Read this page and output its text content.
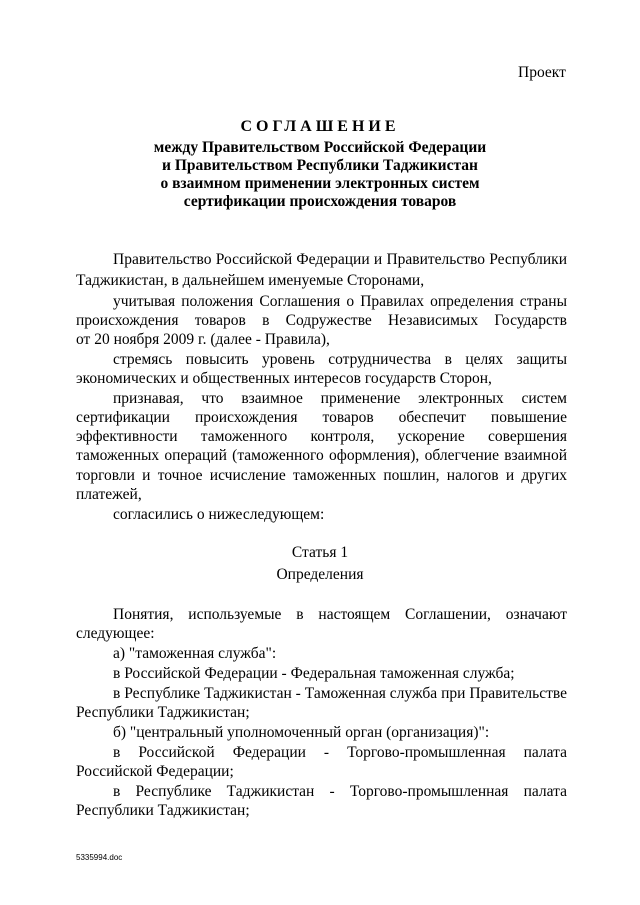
Проект
СОГЛАШЕНИЕ
между Правительством Российской Федерации
и Правительством Республики Таджикистан
о взаимном применении электронных систем
сертификации происхождения товаров
Правительство Российской Федерации и Правительство Республики
Таджикистан, в дальнейшем именуемые Сторонами,
учитывая положения Соглашения о Правилах определения страны
происхождения товаров в Содружестве Независимых Государств
от 20 ноября 2009 г. (далее - Правила),
стремясь повысить уровень сотрудничества в целях защиты
экономических и общественных интересов государств Сторон,
признавая, что взаимное применение электронных систем
сертификации происхождения товаров обеспечит повышение
эффективности таможенного контроля, ускорение совершения
таможенных операций (таможенного оформления), облегчение взаимной
торговли и точное исчисление таможенных пошлин, налогов и других
платежей,
согласились о нижеследующем:
Статья 1
Определения
Понятия, используемые в настоящем Соглашении, означают
следующее:
а) "таможенная служба":
в Российской Федерации - Федеральная таможенная служба;
в Республике Таджикистан - Таможенная служба при Правительстве
Республики Таджикистан;
б) "центральный уполномоченный орган (организация)":
в Российской Федерации - Торгово-промышленная палата
Российской Федерации;
в Республике Таджикистан - Торгово-промышленная палата
Республики Таджикистан;
5335994.doc
